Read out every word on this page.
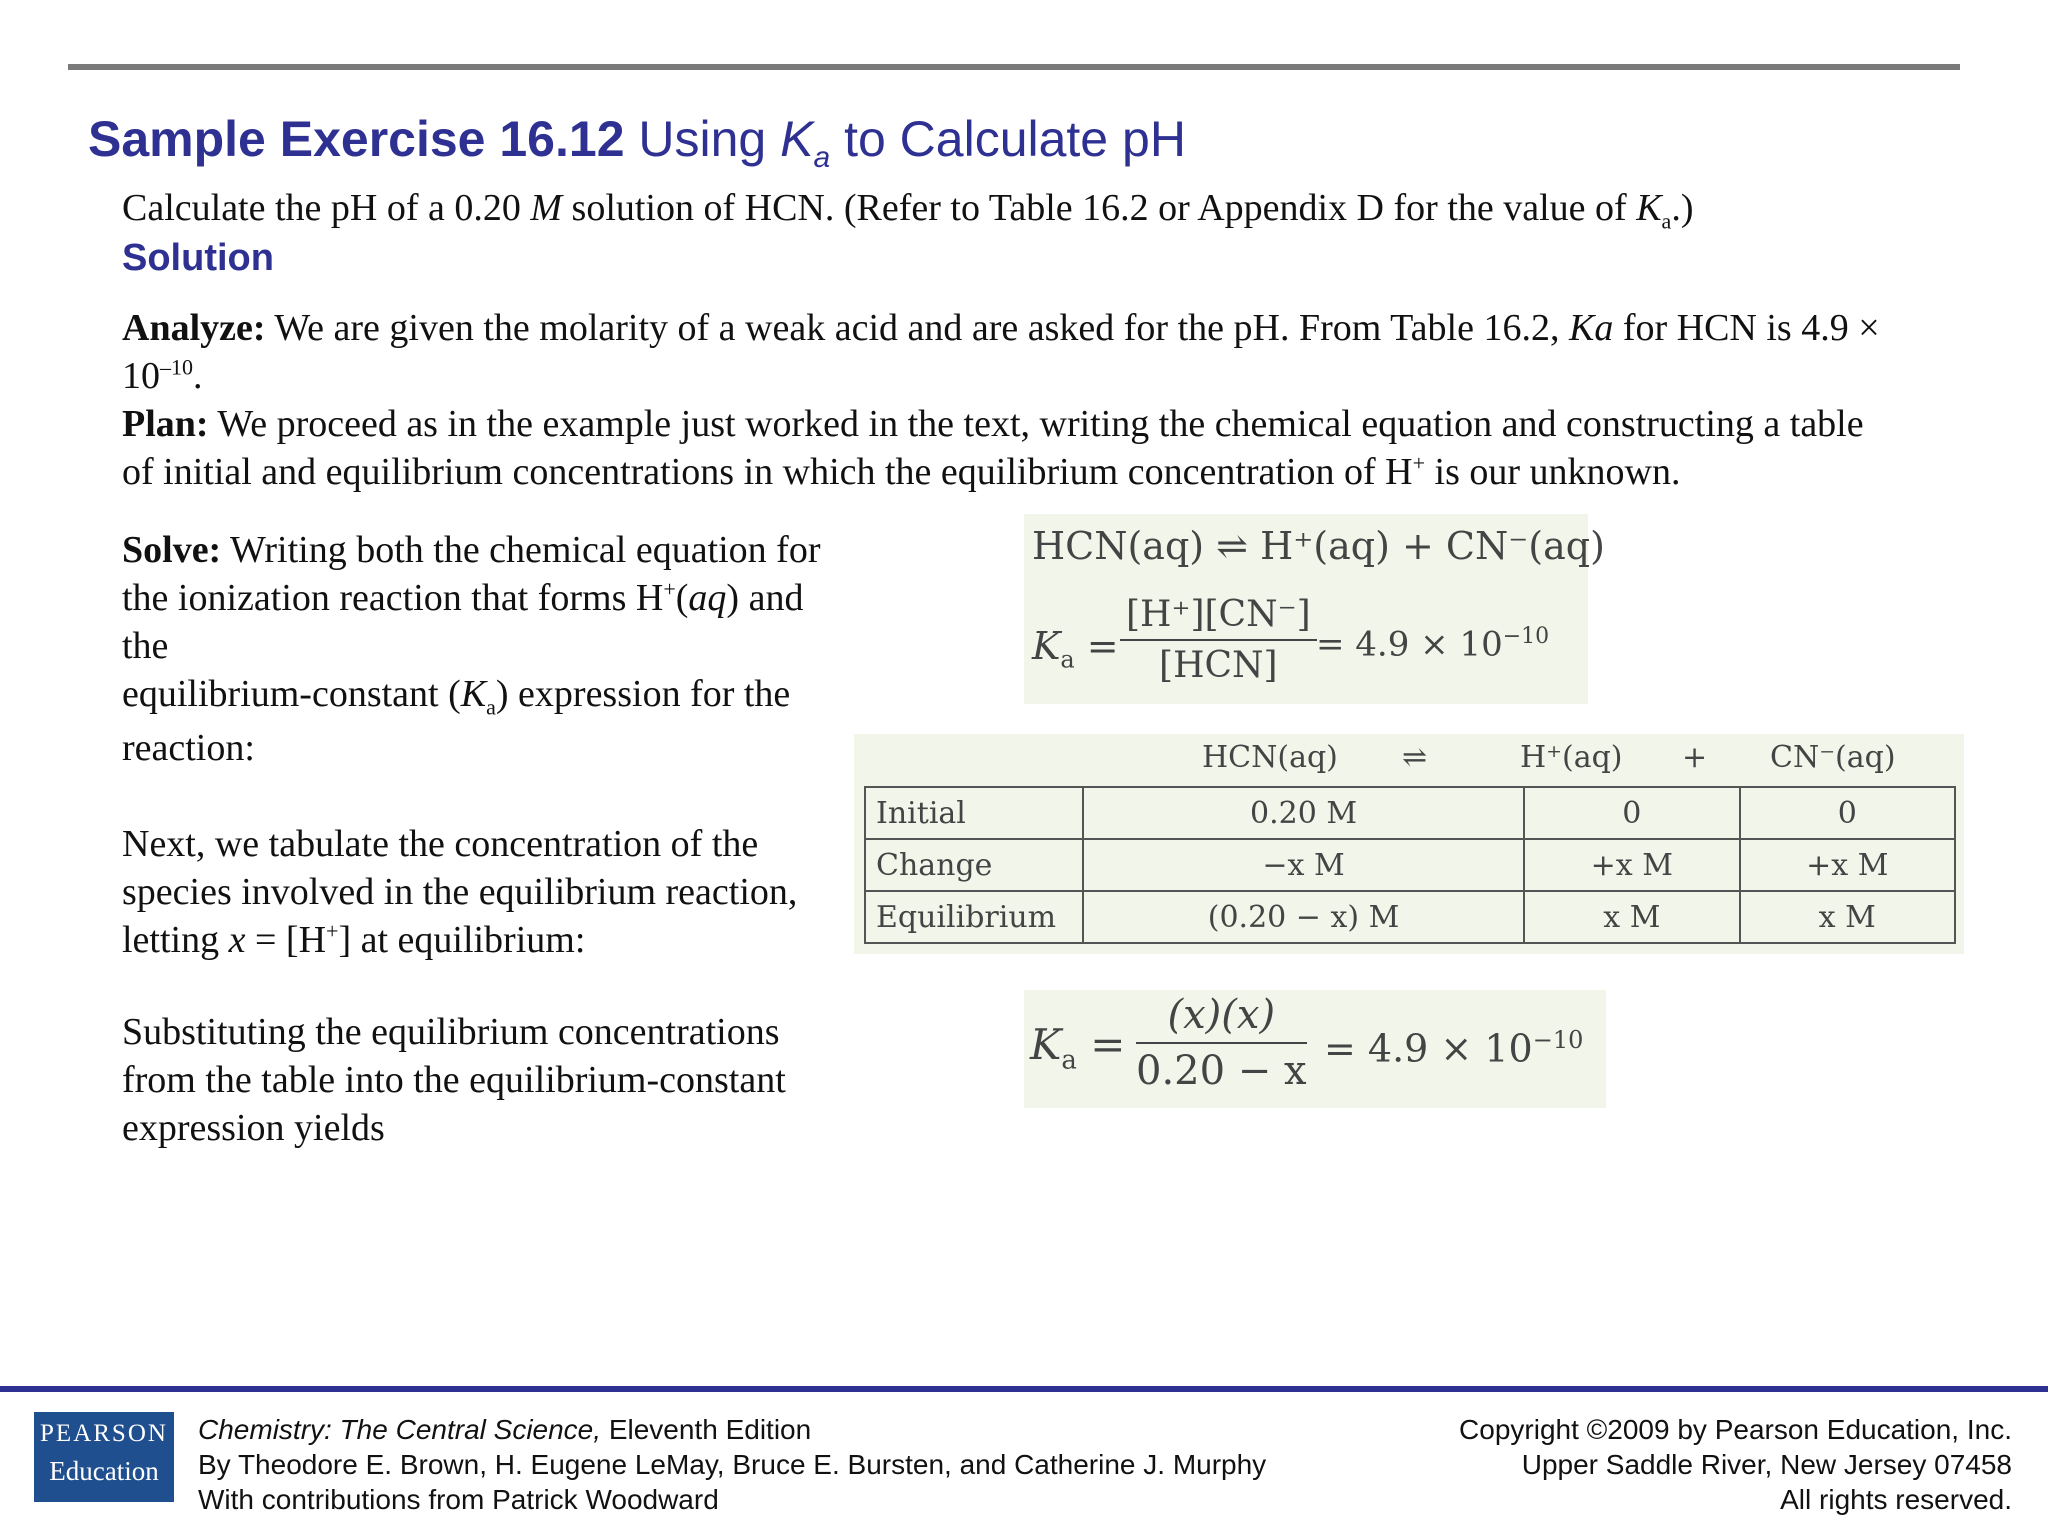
Sample Exercise 16.12 Using $K_a$ to Calculate pH
Calculate the pH of a 0.20 M solution of HCN. (Refer to Table 16.2 or Appendix D for the value of $K_a$.)
Solution
Analyze: We are given the molarity of a weak acid and are asked for the pH. From Table 16.2, Ka for HCN is $4.9 \times 10^{-10}$.
Plan: We proceed as in the example just worked in the text, writing the chemical equation and constructing a table of initial and equilibrium concentrations in which the equilibrium concentration of H+ is our unknown.
Solve: Writing both the chemical equation for
the ionization reaction that forms H+(aq) and
the
equilibrium-constant $(K_a)$ expression for the
reaction:
Next, we tabulate the concentration of the
species involved in the equilibrium reaction,
letting x = [H+] at equilibrium:
Substituting the equilibrium concentrations
from the table into the equilibrium-constant
expression yields
HCN(aq) ⇌ H⁺(aq) + CN⁻(aq)
$K_a$ =
[H⁺][CN⁻]
[HCN]
= $4.9 \times 10^{-10}$
HCN(aq) ⇌	H⁺(aq) + CN⁻(aq)
Initial	0.20 M	0	0
Change	−x M	+x M	+x M
Equilibrium	(0.20 − x) M	x M	x M
$K_a = \frac{(x)(x)}{0.20 - x} = 4.9 \times 10^{-10}$
PEARSON
Education
Chemistry: The Central Science, Eleventh Edition
By Theodore E. Brown, H. Eugene LeMay, Bruce E. Bursten, and Catherine J. Murphy
With contributions from Patrick Woodward
Copyright ©2009 by Pearson Education, Inc.
Upper Saddle River, New Jersey 07458
All rights reserved.
